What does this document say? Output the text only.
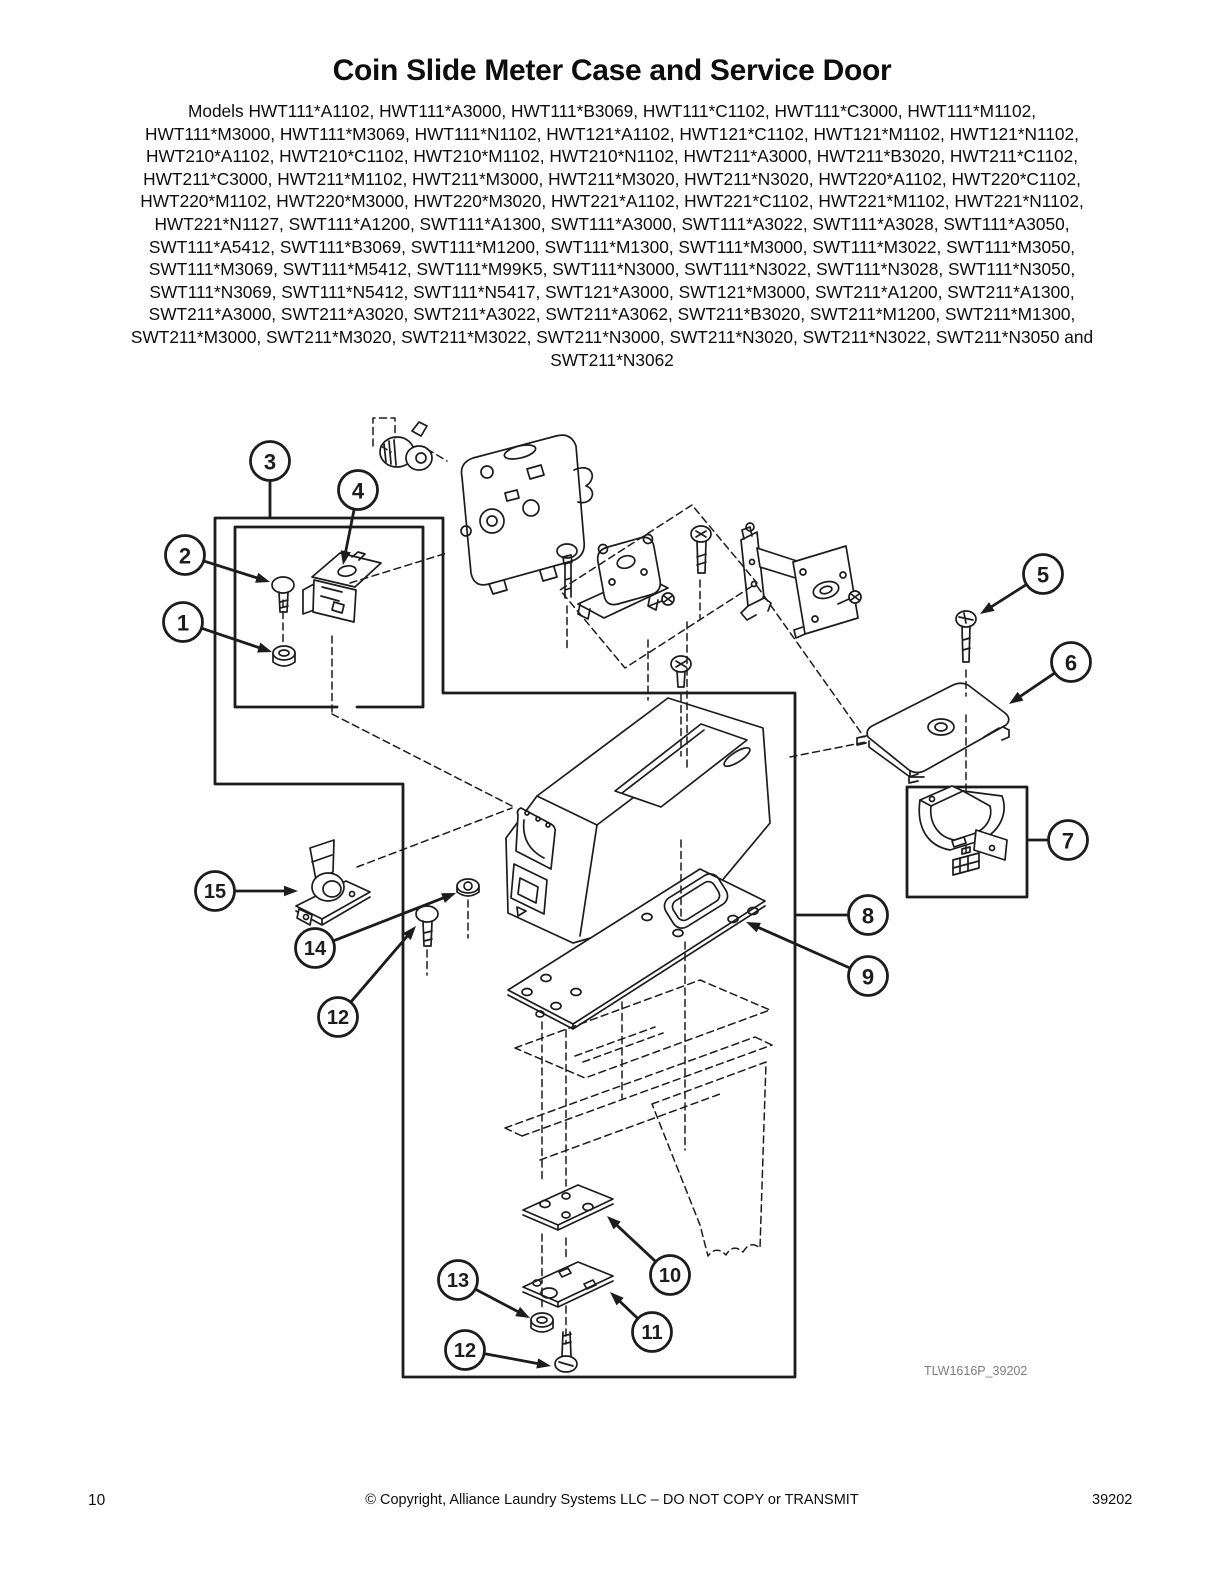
Coin Slide Meter Case and Service Door
Models HWT111*A1102, HWT111*A3000, HWT111*B3069, HWT111*C1102, HWT111*C3000, HWT111*M1102,
HWT111*M3000, HWT111*M3069, HWT111*N1102, HWT121*A1102, HWT121*C1102, HWT121*M1102, HWT121*N1102,
HWT210*A1102, HWT210*C1102, HWT210*M1102, HWT210*N1102, HWT211*A3000, HWT211*B3020, HWT211*C1102,
HWT211*C3000, HWT211*M1102, HWT211*M3000, HWT211*M3020, HWT211*N3020, HWT220*A1102, HWT220*C1102,
HWT220*M1102, HWT220*M3000, HWT220*M3020, HWT221*A1102, HWT221*C1102, HWT221*M1102, HWT221*N1102,
HWT221*N1127, SWT111*A1200, SWT111*A1300, SWT111*A3000, SWT111*A3022, SWT111*A3028, SWT111*A3050,
SWT111*A5412, SWT111*B3069, SWT111*M1200, SWT111*M1300, SWT111*M3000, SWT111*M3022, SWT111*M3050,
SWT111*M3069, SWT111*M5412, SWT111*M99K5, SWT111*N3000, SWT111*N3022, SWT111*N3028, SWT111*N3050,
SWT111*N3069, SWT111*N5412, SWT111*N5417, SWT121*A3000, SWT121*M3000, SWT211*A1200, SWT211*A1300,
SWT211*A3000, SWT211*A3020, SWT211*A3022, SWT211*A3062, SWT211*B3020, SWT211*M1200, SWT211*M1300,
SWT211*M3000, SWT211*M3020, SWT211*M3022, SWT211*N3000, SWT211*N3020, SWT211*N3022, SWT211*N3050 and
SWT211*N3062
1
2
3
4
5
6
7
8
9
10
11
12
13
12
14
15
TLW1616P_39202
10	© Copyright, Alliance Laundry Systems LLC – DO NOT COPY or TRANSMIT	39202
